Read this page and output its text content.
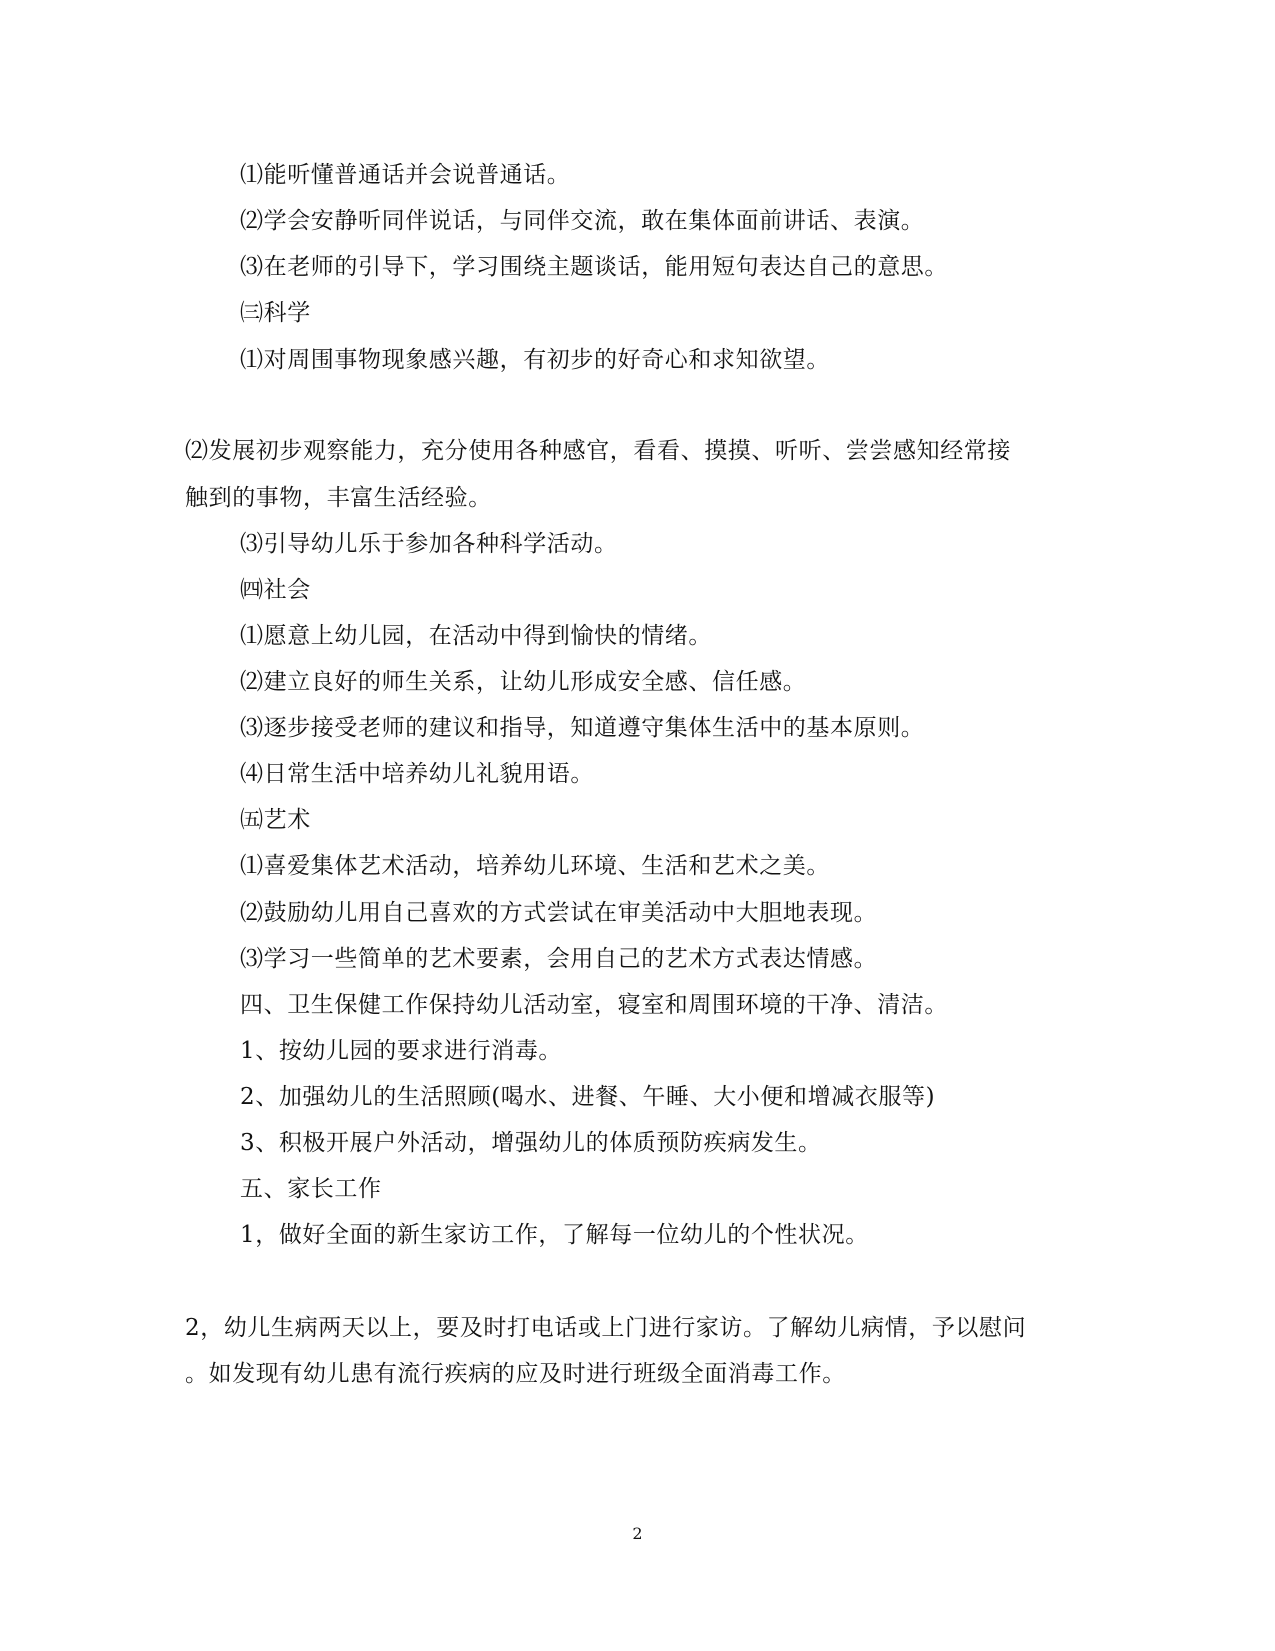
⑴能听懂普通话并会说普通话。
⑵学会安静听同伴说话，与同伴交流，敢在集体面前讲话、表演。
⑶在老师的引导下，学习围绕主题谈话，能用短句表达自己的意思。
㈢科学
⑴对周围事物现象感兴趣，有初步的好奇心和求知欲望。
⑵发展初步观察能力，充分使用各种感官，看看、摸摸、听听、尝尝感知经常接
触到的事物，丰富生活经验。
⑶引导幼儿乐于参加各种科学活动。
㈣社会
⑴愿意上幼儿园，在活动中得到愉快的情绪。
⑵建立良好的师生关系，让幼儿形成安全感、信任感。
⑶逐步接受老师的建议和指导，知道遵守集体生活中的基本原则。
⑷日常生活中培养幼儿礼貌用语。
㈤艺术
⑴喜爱集体艺术活动，培养幼儿环境、生活和艺术之美。
⑵鼓励幼儿用自己喜欢的方式尝试在审美活动中大胆地表现。
⑶学习一些简单的艺术要素，会用自己的艺术方式表达情感。
四、卫生保健工作保持幼儿活动室，寝室和周围环境的干净、清洁。
1、按幼儿园的要求进行消毒。
2、加强幼儿的生活照顾(喝水、进餐、午睡、大小便和增减衣服等)
3、积极开展户外活动，增强幼儿的体质预防疾病发生。
五、家长工作
1，做好全面的新生家访工作，了解每一位幼儿的个性状况。
2，幼儿生病两天以上，要及时打电话或上门进行家访。了解幼儿病情，予以慰问
。如发现有幼儿患有流行疾病的应及时进行班级全面消毒工作。
2
